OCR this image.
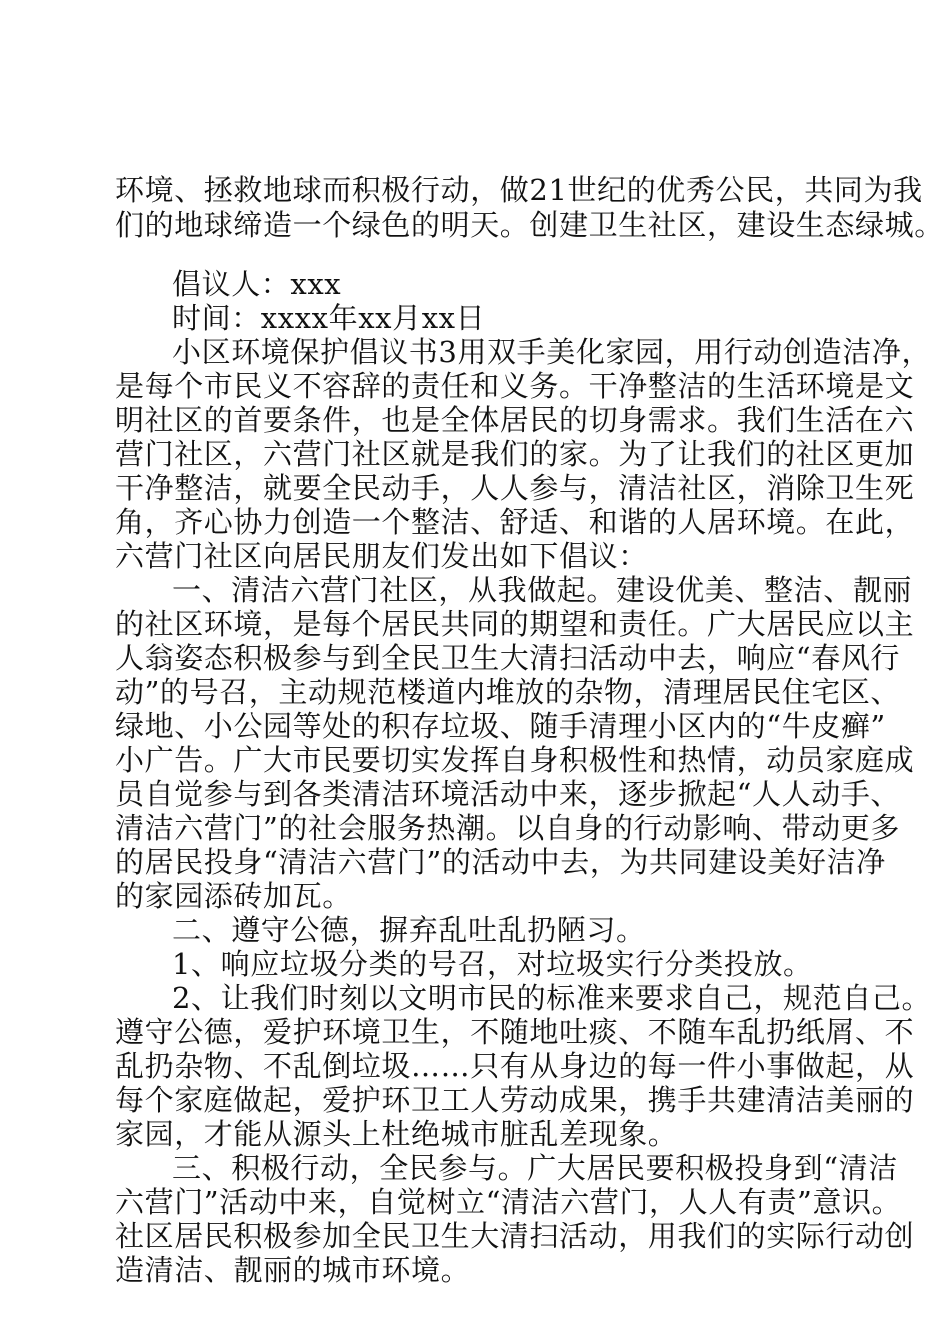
环境、拯救地球而积极行动，做21世纪的优秀公民，共同为我
们的地球缔造一个绿色的明天。创建卫生社区，建设生态绿城。
倡议人：xxx
时间：xxxx年xx月xx日
小区环境保护倡议书3用双手美化家园，用行动创造洁净，
是每个市民义不容辞的责任和义务。干净整洁的生活环境是文
明社区的首要条件，也是全体居民的切身需求。我们生活在六
营门社区，六营门社区就是我们的家。为了让我们的社区更加
干净整洁，就要全民动手，人人参与，清洁社区，消除卫生死
角，齐心协力创造一个整洁、舒适、和谐的人居环境。在此，
六营门社区向居民朋友们发出如下倡议：
一、清洁六营门社区，从我做起。建设优美、整洁、靓丽
的社区环境，是每个居民共同的期望和责任。广大居民应以主
人翁姿态积极参与到全民卫生大清扫活动中去，响应“春风行
动”的号召，主动规范楼道内堆放的杂物，清理居民住宅区、
绿地、小公园等处的积存垃圾、随手清理小区内的“牛皮癣”
小广告。广大市民要切实发挥自身积极性和热情，动员家庭成
员自觉参与到各类清洁环境活动中来，逐步掀起“人人动手、
清洁六营门”的社会服务热潮。以自身的行动影响、带动更多
的居民投身“清洁六营门”的活动中去，为共同建设美好洁净
的家园添砖加瓦。
二、遵守公德，摒弃乱吐乱扔陋习。
1、响应垃圾分类的号召，对垃圾实行分类投放。
2、让我们时刻以文明市民的标准来要求自己，规范自己。
遵守公德，爱护环境卫生，不随地吐痰、不随车乱扔纸屑、不
乱扔杂物、不乱倒垃圾……只有从身边的每一件小事做起，从
每个家庭做起，爱护环卫工人劳动成果，携手共建清洁美丽的
家园，才能从源头上杜绝城市脏乱差现象。
三、积极行动，全民参与。广大居民要积极投身到“清洁
六营门”活动中来，自觉树立“清洁六营门，人人有责”意识。
社区居民积极参加全民卫生大清扫活动，用我们的实际行动创
造清洁、靓丽的城市环境。
